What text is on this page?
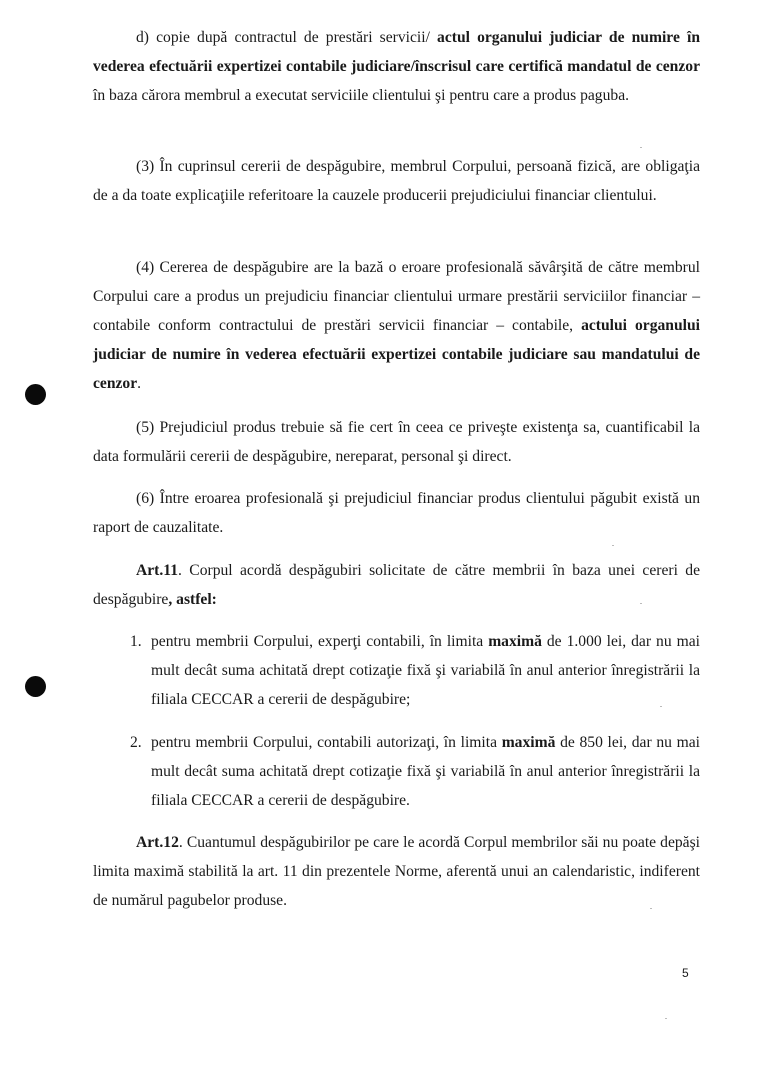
d) copie după contractul de prestări servicii/ actul organului judiciar de numire în vederea efectuării expertizei contabile judiciare/înscrisul care certifică mandatul de cenzor în baza cărora membrul a executat serviciile clientului şi pentru care a produs paguba.

(3) În cuprinsul cererii de despăgubire, membrul Corpului, persoană fizică, are obligaţia de a da toate explicaţiile referitoare la cauzele producerii prejudiciului financiar clientului.

(4) Cererea de despăgubire are la bază o eroare profesională săvârşită de către membrul Corpului care a produs un prejudiciu financiar clientului urmare prestării serviciilor financiar – contabile conform contractului de prestări servicii financiar – contabile, actului organului judiciar de numire în vederea efectuării expertizei contabile judiciare sau mandatului de cenzor.

(5) Prejudiciul produs trebuie să fie cert în ceea ce priveşte existenţa sa, cuantificabil la data formulării cererii de despăgubire, nereparat, personal şi direct.

(6) Între eroarea profesională şi prejudiciul financiar produs clientului păgubit există un raport de cauzalitate.

Art.11. Corpul acordă despăgubiri solicitate de către membrii în baza unei cereri de despăgubire, astfel:

1. pentru membrii Corpului, experţi contabili, în limita maximă de 1.000 lei, dar nu mai mult decât suma achitată drept cotizaţie fixă şi variabilă în anul anterior înregistrării la filiala CECCAR a cererii de despăgubire;
2. pentru membrii Corpului, contabili autorizaţi, în limita maximă de 850 lei, dar nu mai mult decât suma achitată drept cotizaţie fixă şi variabilă în anul anterior înregistrării la filiala CECCAR a cererii de despăgubire.

Art.12. Cuantumul despăgubirilor pe care le acordă Corpul membrilor săi nu poate depăşi limita maximă stabilită la art. 11 din prezentele Norme, aferentă unui an calendaristic, indiferent de numărul pagubelor produse.

5
